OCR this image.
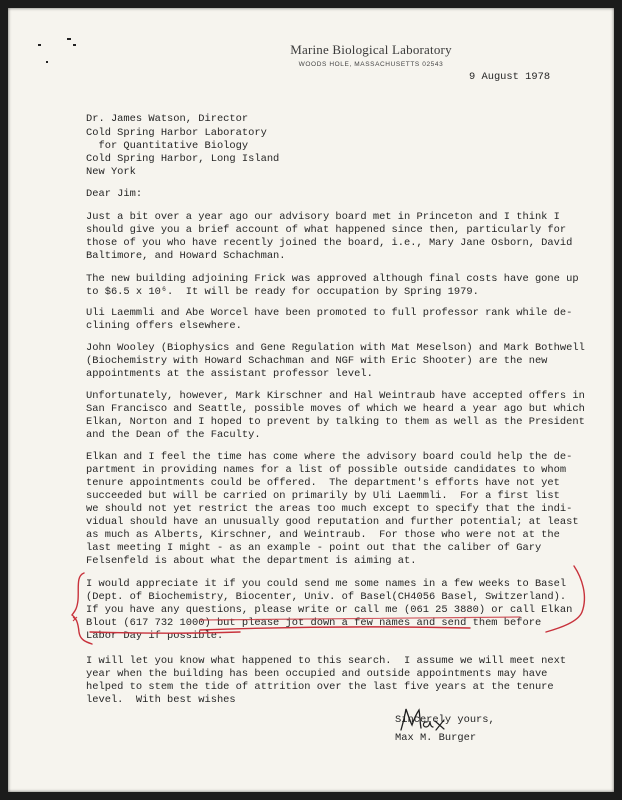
Marine Biological Laboratory
WOODS HOLE, MASSACHUSETTS 02543
9 August 1978
Dr. James Watson, Director
Cold Spring Harbor Laboratory
for Quantitative Biology
Cold Spring Harbor, Long Island
New York
Dear Jim:
Just a bit over a year ago our advisory board met in Princeton and I think I
should give you a brief account of what happened since then, particularly for
those of you who have recently joined the board, i.e., Mary Jane Osborn, David
Baltimore, and Howard Schachman.
The new building adjoining Frick was approved although final costs have gone up
to $6.5 x 10⁶.  It will be ready for occupation by Spring 1979.
Uli Laemmli and Abe Worcel have been promoted to full professor rank while de-
clining offers elsewhere.
John Wooley (Biophysics and Gene Regulation with Mat Meselson) and Mark Bothwell
(Biochemistry with Howard Schachman and NGF with Eric Shooter) are the new
appointments at the assistant professor level.
Unfortunately, however, Mark Kirschner and Hal Weintraub have accepted offers in
San Francisco and Seattle, possible moves of which we heard a year ago but which
Elkan, Norton and I hoped to prevent by talking to them as well as the President
and the Dean of the Faculty.
Elkan and I feel the time has come where the advisory board could help the de-
partment in providing names for a list of possible outside candidates to whom
tenure appointments could be offered.  The department's efforts have not yet
succeeded but will be carried on primarily by Uli Laemmli.  For a first list
we should not yet restrict the areas too much except to specify that the indi-
vidual should have an unusually good reputation and further potential; at least
as much as Alberts, Kirschner, and Weintraub.  For those who were not at the
last meeting I might - as an example - point out that the caliber of Gary
Felsenfeld is about what the department is aiming at.
I would appreciate it if you could send me some names in a few weeks to Basel
(Dept. of Biochemistry, Biocenter, Univ. of Basel(CH4056 Basel, Switzerland).
If you have any questions, please write or call me (061 25 3880) or call Elkan
Blout (617 732 1000) but please jot down a few names and send them before
Labor Day if possible.
I will let you know what happened to this search.  I assume we will meet next
year when the building has been occupied and outside appointments may have
helped to stem the tide of attrition over the last five years at the tenure
level.  With best wishes
Sincerely yours,
Max M. Burger
